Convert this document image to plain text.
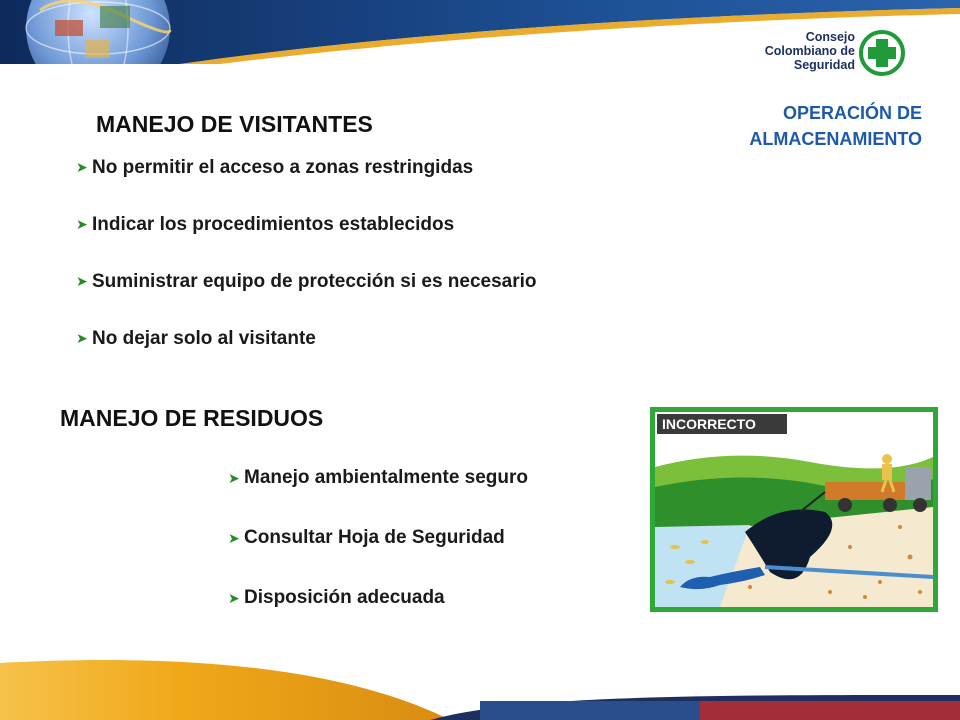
Consejo
Colombiano de
Seguridad
OPERACIÓN DE
ALMACENAMIENTO
MANEJO DE VISITANTES
➤ No permitir el acceso a zonas restringidas
➤ Indicar los procedimientos establecidos
➤ Suministrar equipo de protección si es necesario
➤ No dejar solo al visitante
MANEJO DE RESIDUOS
➤ Manejo ambientalmente seguro
➤ Consultar Hoja de Seguridad
➤ Disposición adecuada
INCORRECTO
